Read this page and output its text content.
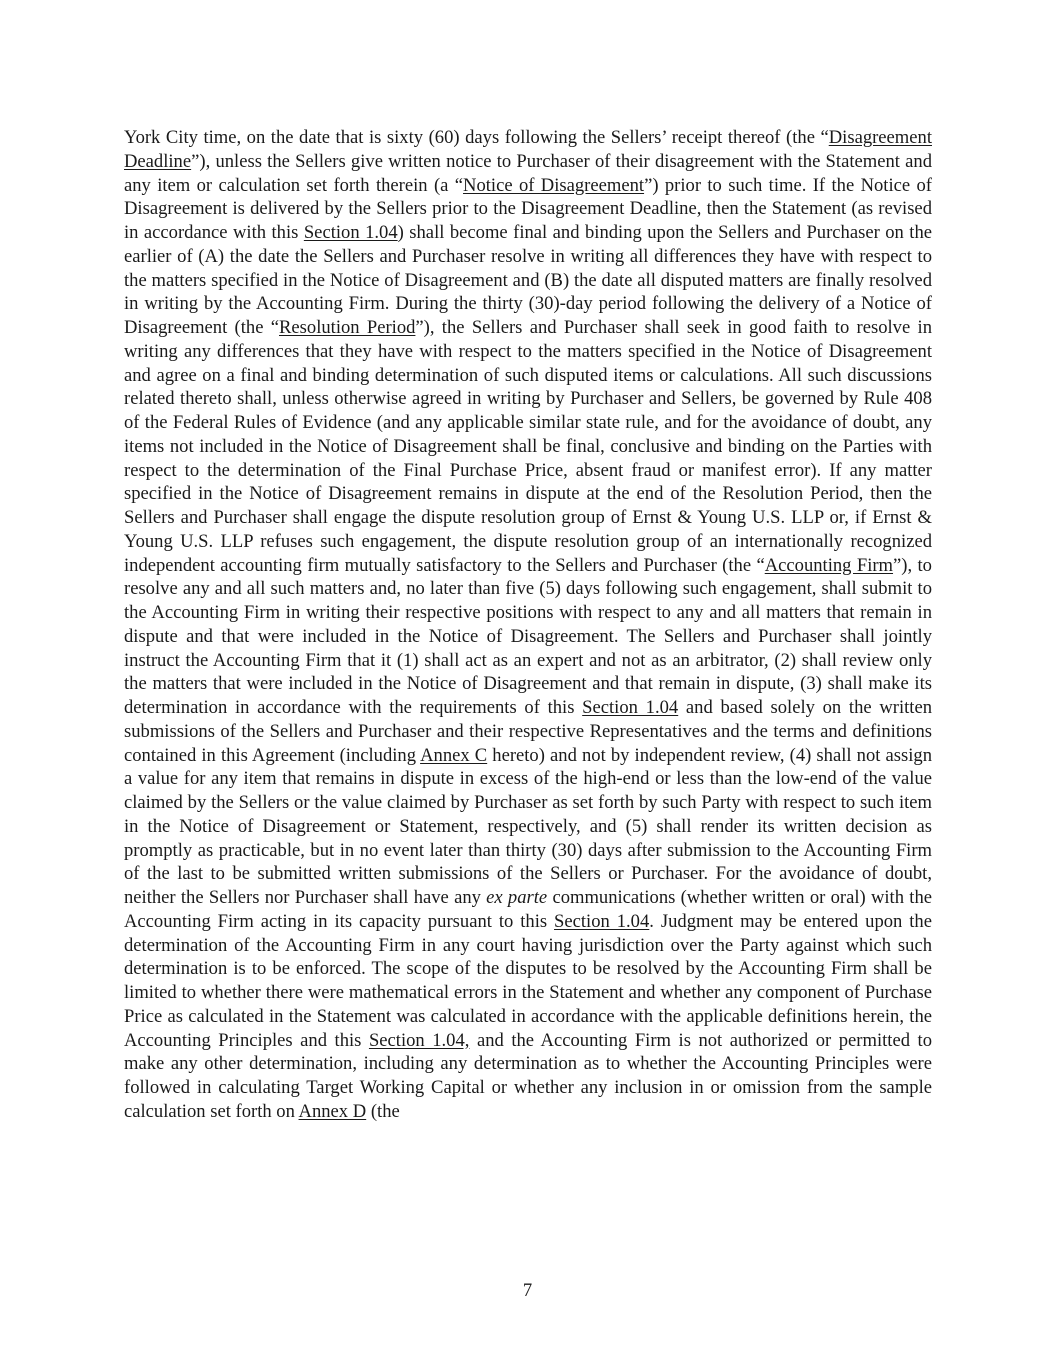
York City time, on the date that is sixty (60) days following the Sellers’ receipt thereof (the “Disagreement Deadline”), unless the Sellers give written notice to Purchaser of their disagreement with the Statement and any item or calculation set forth therein (a “Notice of Disagreement”) prior to such time. If the Notice of Disagreement is delivered by the Sellers prior to the Disagreement Deadline, then the Statement (as revised in accordance with this Section 1.04) shall become final and binding upon the Sellers and Purchaser on the earlier of (A) the date the Sellers and Purchaser resolve in writing all differences they have with respect to the matters specified in the Notice of Disagreement and (B) the date all disputed matters are finally resolved in writing by the Accounting Firm. During the thirty (30)-day period following the delivery of a Notice of Disagreement (the “Resolution Period”), the Sellers and Purchaser shall seek in good faith to resolve in writing any differences that they have with respect to the matters specified in the Notice of Disagreement and agree on a final and binding determination of such disputed items or calculations. All such discussions related thereto shall, unless otherwise agreed in writing by Purchaser and Sellers, be governed by Rule 408 of the Federal Rules of Evidence (and any applicable similar state rule, and for the avoidance of doubt, any items not included in the Notice of Disagreement shall be final, conclusive and binding on the Parties with respect to the determination of the Final Purchase Price, absent fraud or manifest error). If any matter specified in the Notice of Disagreement remains in dispute at the end of the Resolution Period, then the Sellers and Purchaser shall engage the dispute resolution group of Ernst & Young U.S. LLP or, if Ernst & Young U.S. LLP refuses such engagement, the dispute resolution group of an internationally recognized independent accounting firm mutually satisfactory to the Sellers and Purchaser (the “Accounting Firm”), to resolve any and all such matters and, no later than five (5) days following such engagement, shall submit to the Accounting Firm in writing their respective positions with respect to any and all matters that remain in dispute and that were included in the Notice of Disagreement. The Sellers and Purchaser shall jointly instruct the Accounting Firm that it (1) shall act as an expert and not as an arbitrator, (2) shall review only the matters that were included in the Notice of Disagreement and that remain in dispute, (3) shall make its determination in accordance with the requirements of this Section 1.04 and based solely on the written submissions of the Sellers and Purchaser and their respective Representatives and the terms and definitions contained in this Agreement (including Annex C hereto) and not by independent review, (4) shall not assign a value for any item that remains in dispute in excess of the high-end or less than the low-end of the value claimed by the Sellers or the value claimed by Purchaser as set forth by such Party with respect to such item in the Notice of Disagreement or Statement, respectively, and (5) shall render its written decision as promptly as practicable, but in no event later than thirty (30) days after submission to the Accounting Firm of the last to be submitted written submissions of the Sellers or Purchaser. For the avoidance of doubt, neither the Sellers nor Purchaser shall have any ex parte communications (whether written or oral) with the Accounting Firm acting in its capacity pursuant to this Section 1.04. Judgment may be entered upon the determination of the Accounting Firm in any court having jurisdiction over the Party against which such determination is to be enforced. The scope of the disputes to be resolved by the Accounting Firm shall be limited to whether there were mathematical errors in the Statement and whether any component of Purchase Price as calculated in the Statement was calculated in accordance with the applicable definitions herein, the Accounting Principles and this Section 1.04, and the Accounting Firm is not authorized or permitted to make any other determination, including any determination as to whether the Accounting Principles were followed in calculating Target Working Capital or whether any inclusion in or omission from the sample calculation set forth on Annex D (the

7
